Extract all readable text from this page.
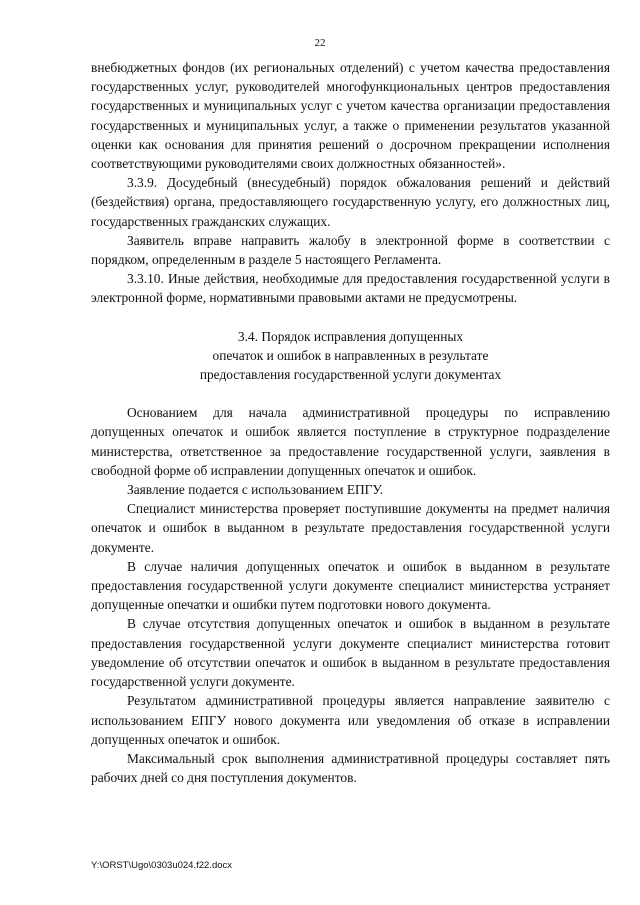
22

внебюджетных фондов (их региональных отделений) с учетом качества предоставления государственных услуг, руководителей многофункциональных центров предоставления государственных и муниципальных услуг с учетом качества организации предоставления государственных и муниципальных услуг, а также о применении результатов указанной оценки как основания для принятия решений о досрочном прекращении исполнения соответствующими руководителями своих должностных обязанностей».

3.3.9. Досудебный (внесудебный) порядок обжалования решений и действий (бездействия) органа, предоставляющего государственную услугу, его должностных лиц, государственных гражданских служащих.

Заявитель вправе направить жалобу в электронной форме в соответствии с порядком, определенным в разделе 5 настоящего Регламента.

3.3.10. Иные действия, необходимые для предоставления государственной услуги в электронной форме, нормативными правовыми актами не предусмотрены.

3.4. Порядок исправления допущенных
опечаток и ошибок в направленных в результате
предоставления государственной услуги документах

Основанием для начала административной процедуры по исправлению допущенных опечаток и ошибок является поступление в структурное подразделение министерства, ответственное за предоставление государственной услуги, заявления в свободной форме об исправлении допущенных опечаток и ошибок.

Заявление подается с использованием ЕПГУ.

Специалист министерства проверяет поступившие документы на предмет наличия опечаток и ошибок в выданном в результате предоставления государственной услуги документе.

В случае наличия допущенных опечаток и ошибок в выданном в результате предоставления государственной услуги документе специалист министерства устраняет допущенные опечатки и ошибки путем подготовки нового документа.

В случае отсутствия допущенных опечаток и ошибок в выданном в результате предоставления государственной услуги документе специалист министерства готовит уведомление об отсутствии опечаток и ошибок в выданном в результате предоставления государственной услуги документе.

Результатом административной процедуры является направление заявителю с использованием ЕПГУ нового документа или уведомления об отказе в исправлении допущенных опечаток и ошибок.

Максимальный срок выполнения административной процедуры составляет пять рабочих дней со дня поступления документов.

Y:\ORST\Ugo\0303u024.f22.docx
